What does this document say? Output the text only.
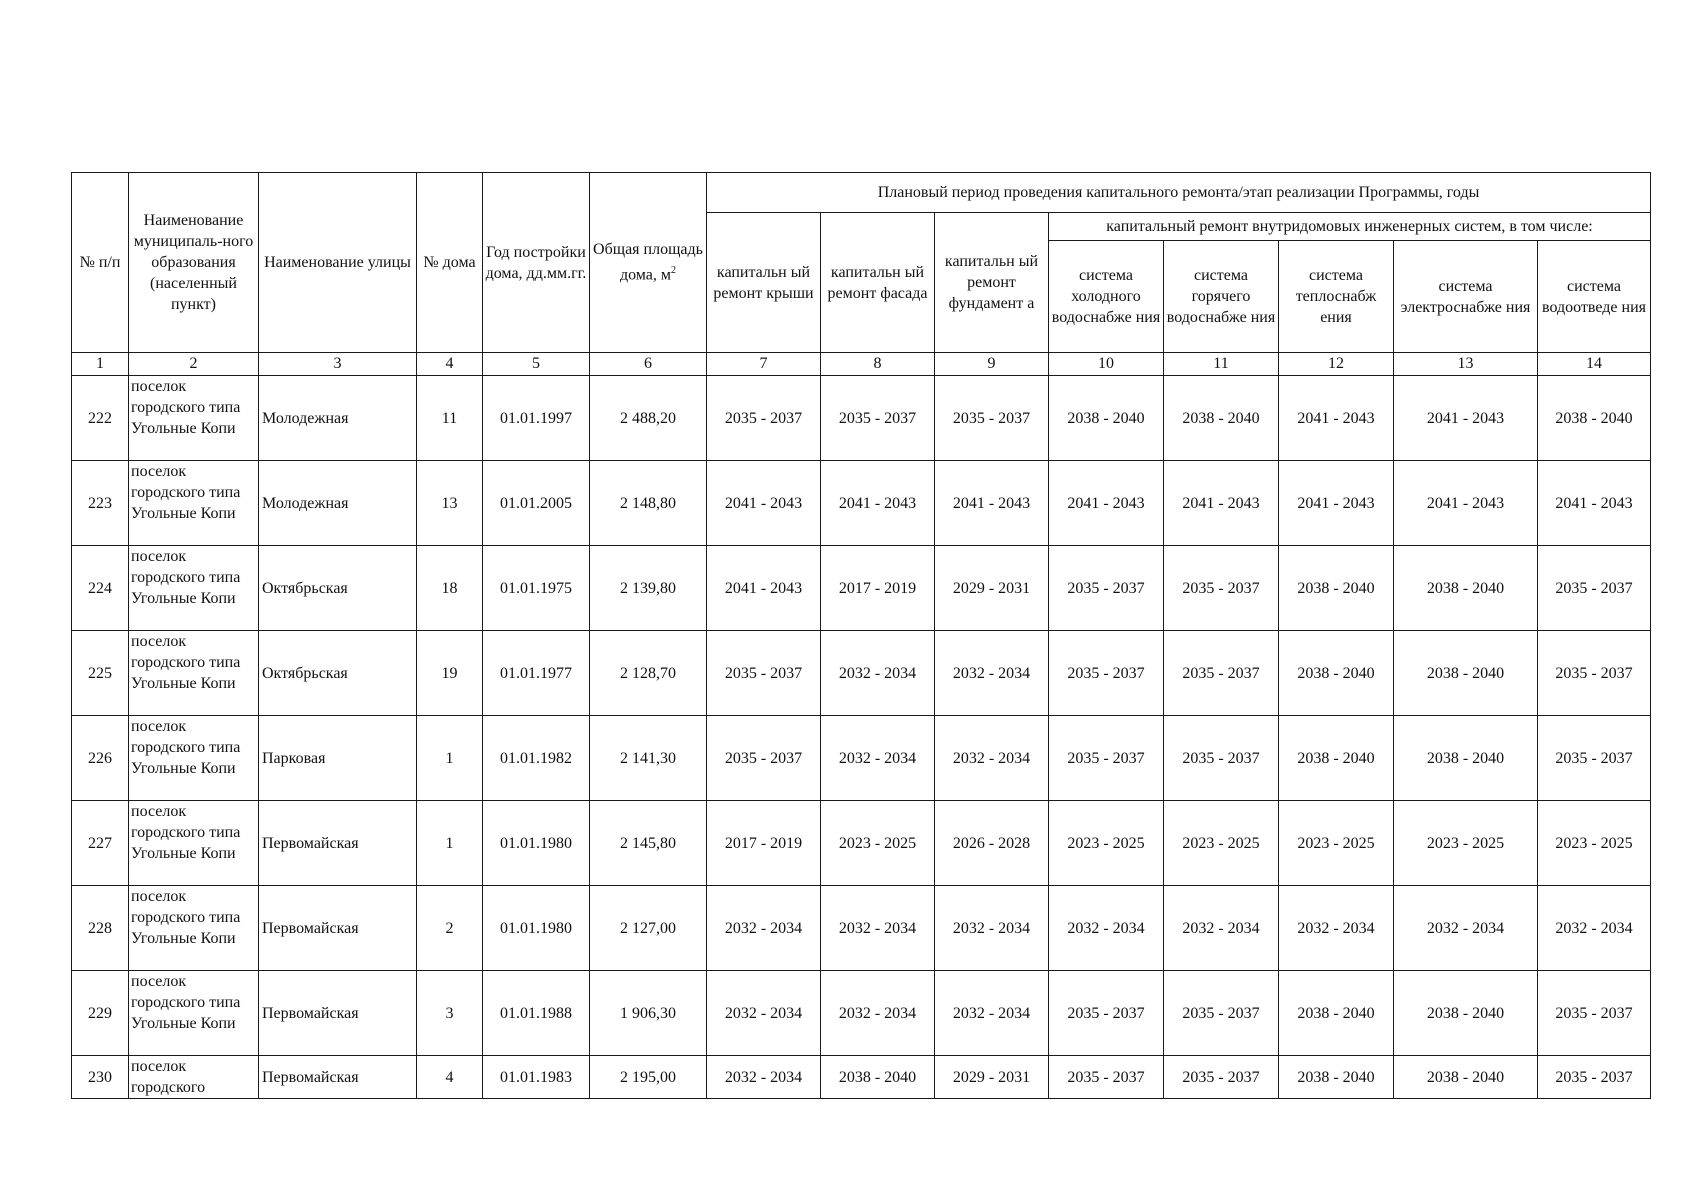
№ п/п	Наименование муниципаль-ного образования (населенный пункт)	Наименование улицы	№ дома	Год постройки дома, дд.мм.гг.	Общая площадь дома, $м^2$	Плановый период проведения капитального ремонта/этап реализации Программы, годы							
						капитальн ый ремонт крыши	капитальн ый ремонт фасада	капитальн ый ремонт фундамент а	капитальный ремонт внутридомовых инженерных систем, в том числе:				
									система холодного водоснабже ния	система горячего водоснабже ния	система теплоснабж ения	система электроснабже ния	система водоотведе ния
1	2	3	4	5	6	7	8	9	10	11	12	13	14
222	поселок городского типа Угольные Копи	Молодежная	11	01.01.1997	2 488,20	2035 - 2037	2035 - 2037	2035 - 2037	2038 - 2040	2038 - 2040	2041 - 2043	2041 - 2043	2038 - 2040
223	поселок городского типа Угольные Копи	Молодежная	13	01.01.2005	2 148,80	2041 - 2043	2041 - 2043	2041 - 2043	2041 - 2043	2041 - 2043	2041 - 2043	2041 - 2043	2041 - 2043
224	поселок городского типа Угольные Копи	Октябрьская	18	01.01.1975	2 139,80	2041 - 2043	2017 - 2019	2029 - 2031	2035 - 2037	2035 - 2037	2038 - 2040	2038 - 2040	2035 - 2037
225	поселок городского типа Угольные Копи	Октябрьская	19	01.01.1977	2 128,70	2035 - 2037	2032 - 2034	2032 - 2034	2035 - 2037	2035 - 2037	2038 - 2040	2038 - 2040	2035 - 2037
226	поселок городского типа Угольные Копи	Парковая	1	01.01.1982	2 141,30	2035 - 2037	2032 - 2034	2032 - 2034	2035 - 2037	2035 - 2037	2038 - 2040	2038 - 2040	2035 - 2037
227	поселок городского типа Угольные Копи	Первомайская	1	01.01.1980	2 145,80	2017 - 2019	2023 - 2025	2026 - 2028	2023 - 2025	2023 - 2025	2023 - 2025	2023 - 2025	2023 - 2025
228	поселок городского типа Угольные Копи	Первомайская	2	01.01.1980	2 127,00	2032 - 2034	2032 - 2034	2032 - 2034	2032 - 2034	2032 - 2034	2032 - 2034	2032 - 2034	2032 - 2034
229	поселок городского типа Угольные Копи	Первомайская	3	01.01.1988	1 906,30	2032 - 2034	2032 - 2034	2032 - 2034	2035 - 2037	2035 - 2037	2038 - 2040	2038 - 2040	2035 - 2037
230	поселок городского	Первомайская	4	01.01.1983	2 195,00	2032 - 2034	2038 - 2040	2029 - 2031	2035 - 2037	2035 - 2037	2038 - 2040	2038 - 2040	2035 - 2037
